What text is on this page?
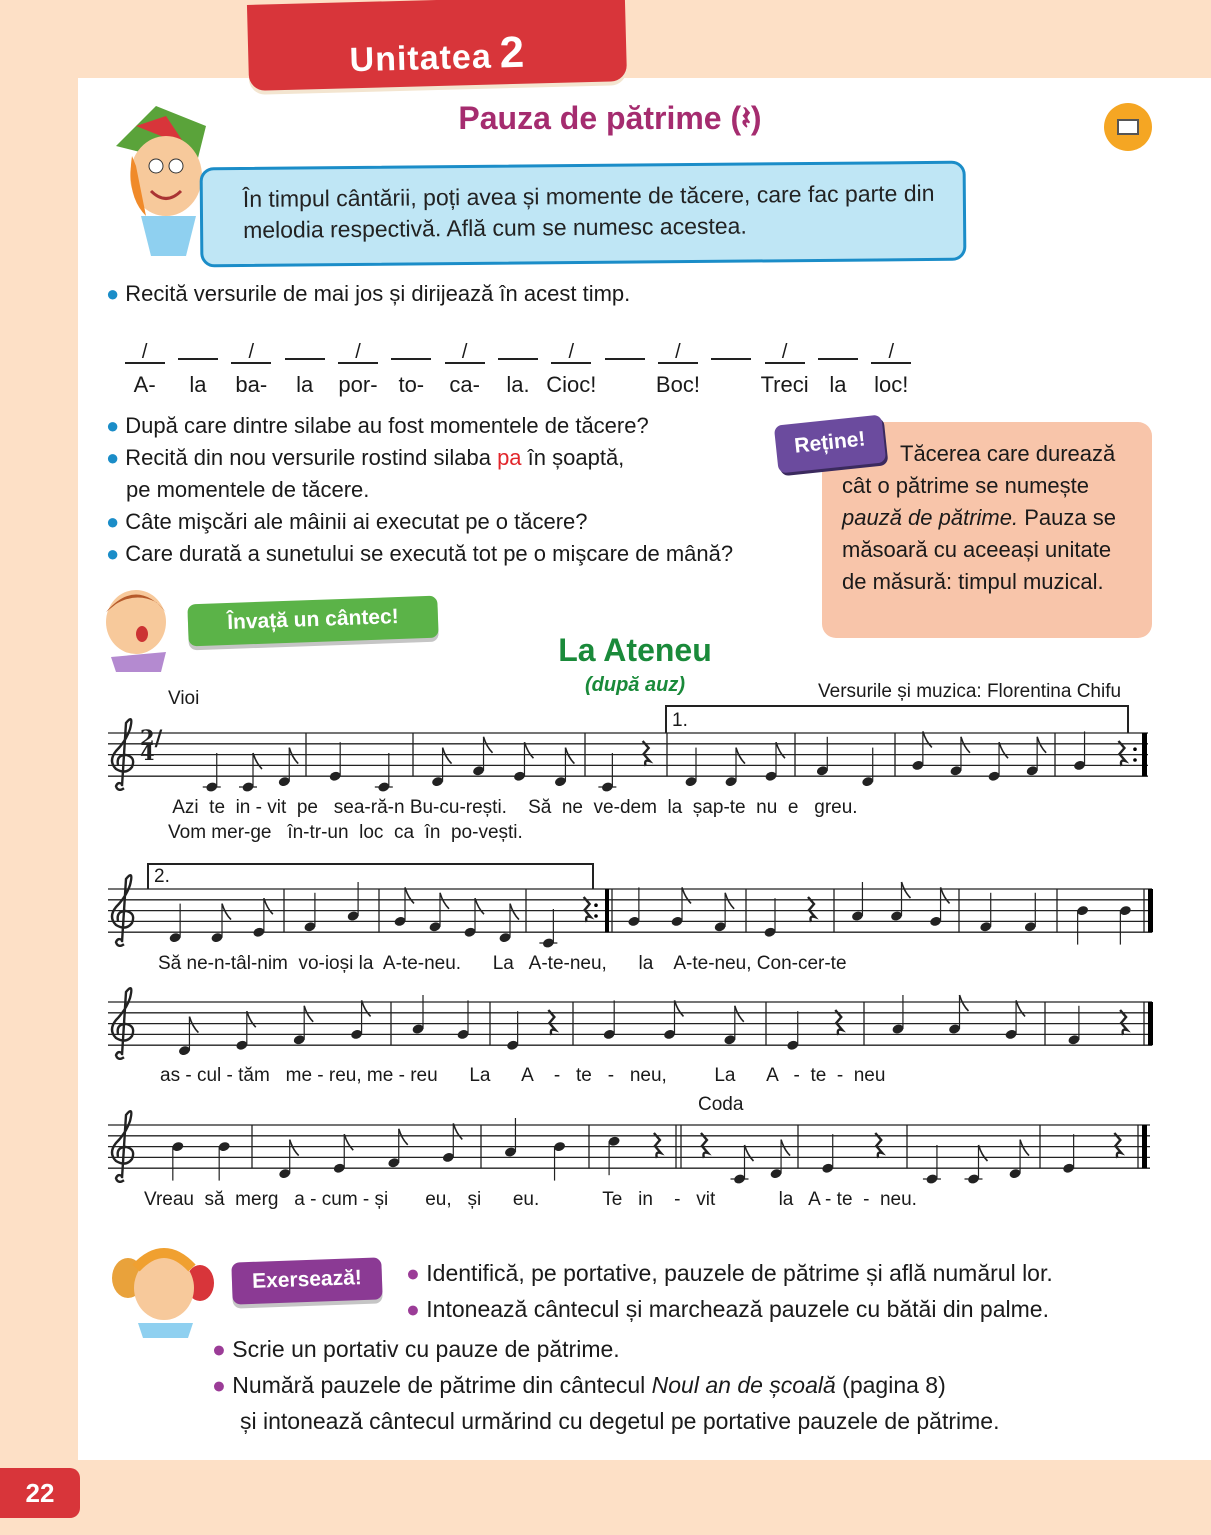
Unitatea 2
Pauza de pătrime (𝄽)
În timpul cântării, poți avea și momente de tăcere, care fac parte din melodia respectivă. Află cum se numesc acestea.
● Recită versurile de mai jos și dirijează în acest timp.
/	/	/	/	/	/	/	/
A-	la	ba-	la	por- to-	ca-	la. Cioc!	Boc!	Treci la	loc!
● După care dintre silabe au fost momentele de tăcere?
● Recită din nou versurile rostind silaba pa în șoaptă,
pe momentele de tăcere.
● Câte mişcări ale mâinii ai executat pe o tăcere?
● Care durată a sunetului se execută tot pe o mişcare de mână?
Tăcerea care durează cât o pătrime se numește pauză de pătrime. Pauza se măsoară cu aceeași unitate de măsură: timpul muzical.
Reține!
Învață un cântec!
La Ateneu
(după auz)
Vioi	Versurile și muzica: Florentina Chifu
1.
2.
Coda
2/4
Azi  te  in - vit  pe   sea-ră-n Bu-cu-rești.    Să  ne  ve-dem  la  șap-te  nu  e   greu.
Vom mer-ge   în-tr-un  loc  ca  în  po-vești.
Să ne-n-tâl-nim  vo-ioși la  A-te-neu.      La   A-te-neu,      la    A-te-neu, Con-cer-te
as - cul - tăm   me - reu, me - reu      La      A    -   te   -   neu,         La      A   -  te  -  neu
Vreau  să  merg   a - cum - și       eu,   și      eu.            Te   in    -   vit            la   A - te  -  neu.
Exersează!	● Identifică, pe portative, pauzele de pătrime și află numărul lor.
● Intonează cântecul și marchează pauzele cu bătăi din palme.
● Scrie un portativ cu pauze de pătrime.
● Numără pauzele de pătrime din cântecul Noul an de școală (pagina 8)
și intonează cântecul urmărind cu degetul pe portative pauzele de pătrime.
22
